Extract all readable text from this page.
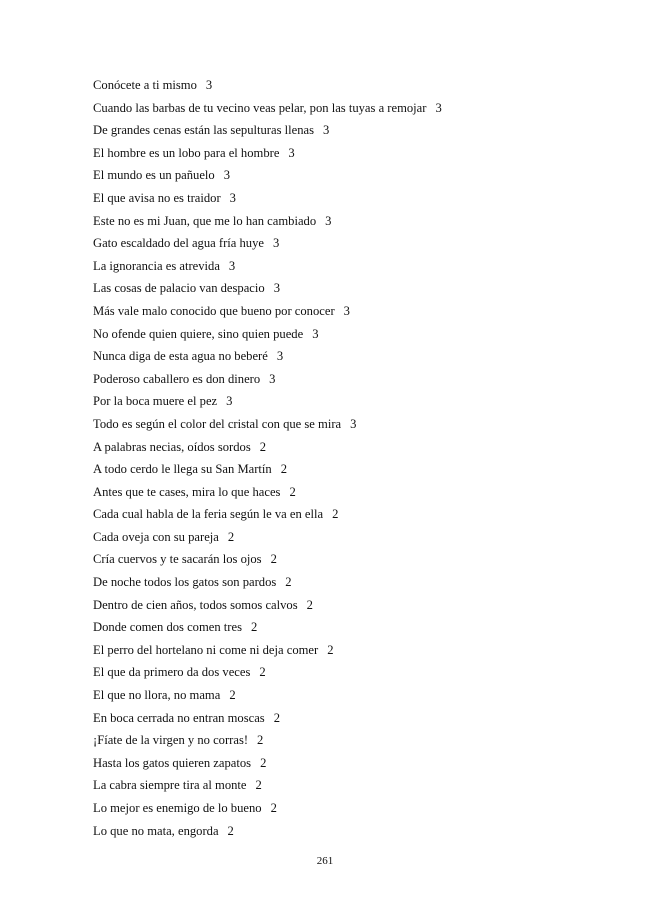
Conócete a ti mismo 3
Cuando las barbas de tu vecino veas pelar, pon las tuyas a remojar 3
De grandes cenas están las sepulturas llenas 3
El hombre es un lobo para el hombre 3
El mundo es un pañuelo 3
El que avisa no es traidor 3
Este no es mi Juan, que me lo han cambiado 3
Gato escaldado del agua fría huye 3
La ignorancia es atrevida 3
Las cosas de palacio van despacio 3
Más vale malo conocido que bueno por conocer 3
No ofende quien quiere, sino quien puede 3
Nunca diga de esta agua no beberé 3
Poderoso caballero es don dinero 3
Por la boca muere el pez 3
Todo es según el color del cristal con que se mira 3
A palabras necias, oídos sordos 2
A todo cerdo le llega su San Martín 2
Antes que te cases, mira lo que haces 2
Cada cual habla de la feria según le va en ella 2
Cada oveja con su pareja 2
Cría cuervos y te sacarán los ojos 2
De noche todos los gatos son pardos 2
Dentro de cien años, todos somos calvos 2
Donde comen dos comen tres 2
El perro del hortelano ni come ni deja comer 2
El que da primero da dos veces 2
El que no llora, no mama 2
En boca cerrada no entran moscas 2
¡Fíate de la virgen y no corras! 2
Hasta los gatos quieren zapatos 2
La cabra siempre tira al monte 2
Lo mejor es enemigo de lo bueno 2
Lo que no mata, engorda 2
261
